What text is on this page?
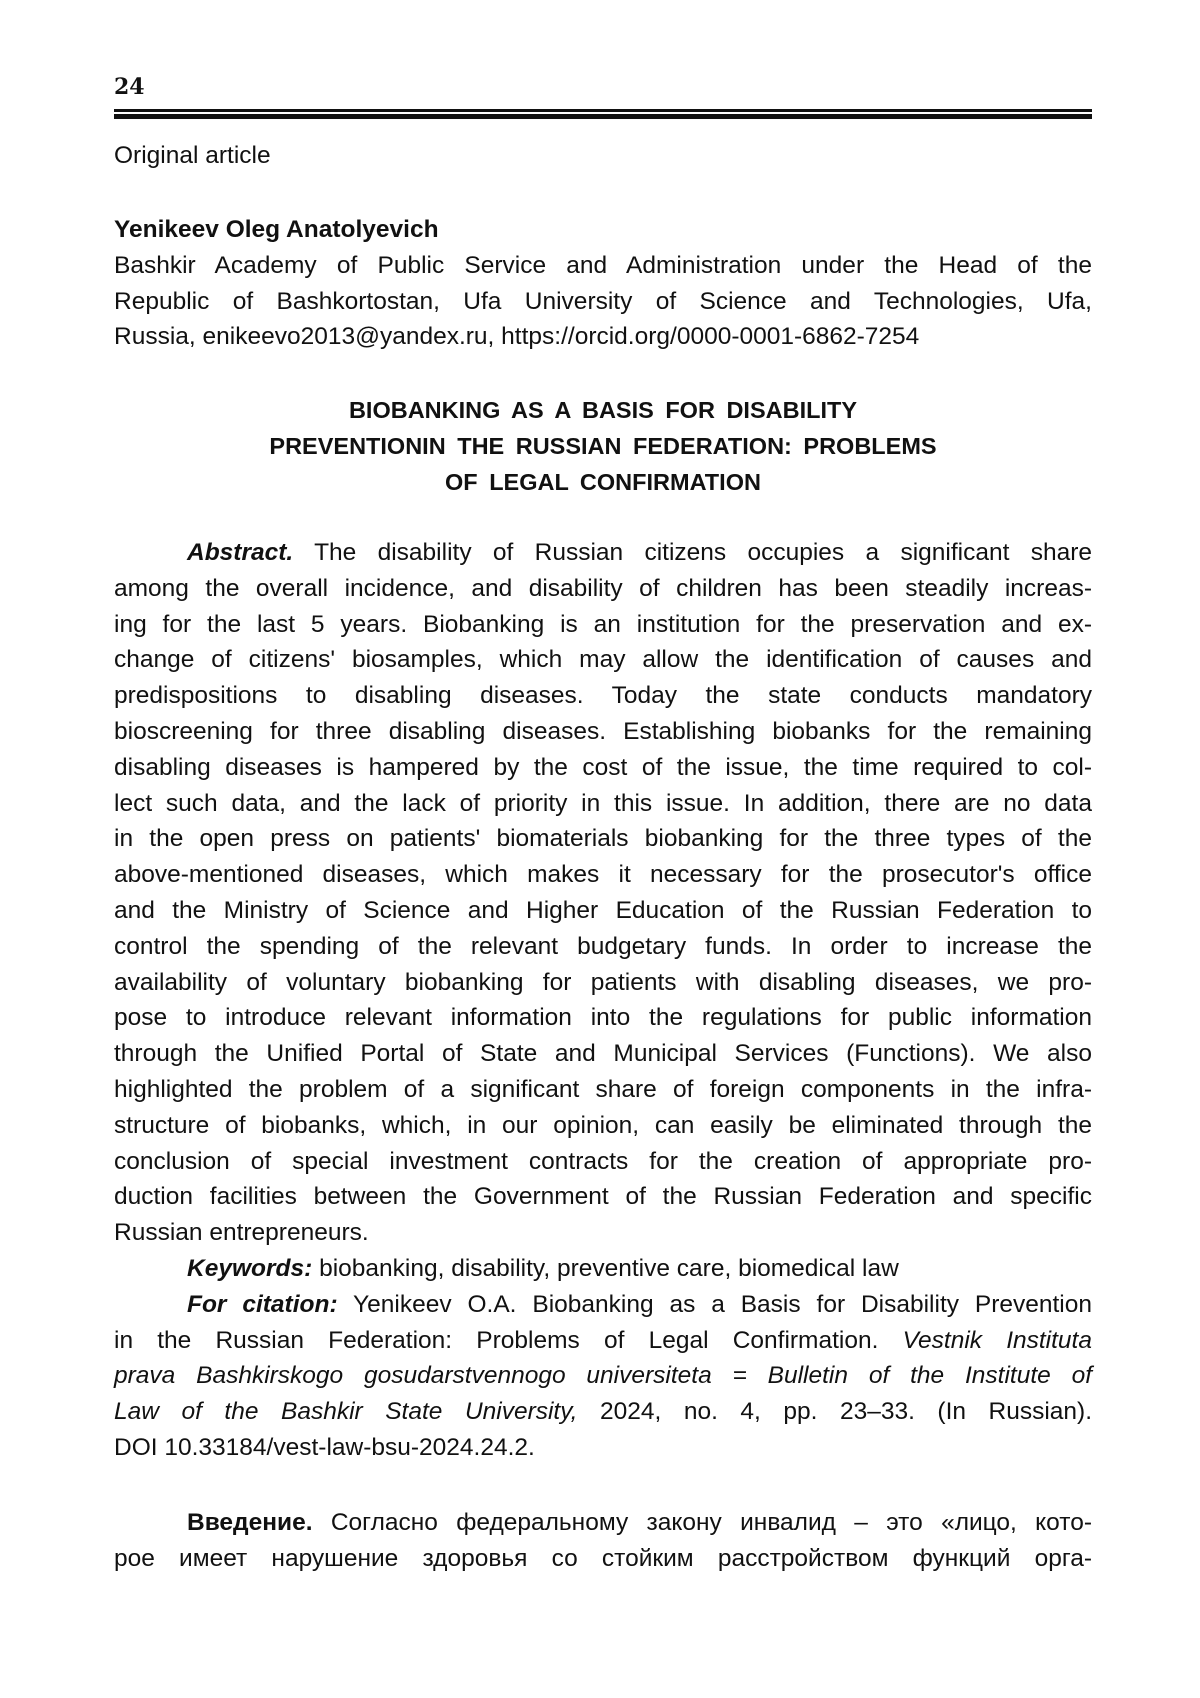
24
Original article
Yenikeev Oleg Anatolyevich
Bashkir Academy of Public Service and Administration under the Head of the
Republic of Bashkortostan, Ufa University of Science and Technologies, Ufa,
Russia, enikeevo2013@yandex.ru, https://orcid.org/0000-0001-6862-7254
BIOBANKING AS A BASIS FOR DISABILITY
PREVENTIONIN THE RUSSIAN FEDERATION: PROBLEMS
OF LEGAL CONFIRMATION
Abstract. The disability of Russian citizens occupies a significant share
among the overall incidence, and disability of children has been steadily increas-
ing for the last 5 years. Biobanking is an institution for the preservation and ex-
change of citizens' biosamples, which may allow the identification of causes and
predispositions to disabling diseases. Today the state conducts mandatory
bioscreening for three disabling diseases. Establishing biobanks for the remaining
disabling diseases is hampered by the cost of the issue, the time required to col-
lect such data, and the lack of priority in this issue. In addition, there are no data
in the open press on patients' biomaterials biobanking for the three types of the
above-mentioned diseases, which makes it necessary for the prosecutor's office
and the Ministry of Science and Higher Education of the Russian Federation to
control the spending of the relevant budgetary funds. In order to increase the
availability of voluntary biobanking for patients with disabling diseases, we pro-
pose to introduce relevant information into the regulations for public information
through the Unified Portal of State and Municipal Services (Functions). We also
highlighted the problem of a significant share of foreign components in the infra-
structure of biobanks, which, in our opinion, can easily be eliminated through the
conclusion of special investment contracts for the creation of appropriate pro-
duction facilities between the Government of the Russian Federation and specific
Russian entrepreneurs.
Keywords: biobanking, disability, preventive care, biomedical law
For citation: Yenikeev O.A. Biobanking as a Basis for Disability Prevention
in the Russian Federation: Problems of Legal Confirmation. Vestnik Instituta
prava Bashkirskogo gosudarstvennogo universiteta = Bulletin of the Institute of
Law of the Bashkir State University, 2024, no. 4, pp. 23–33. (In Russian).
DOI 10.33184/vest-law-bsu-2024.24.2.
Введение. Согласно федеральному закону инвалид – это «лицо, кото-
рое имеет нарушение здоровья со стойким расстройством функций орга-
